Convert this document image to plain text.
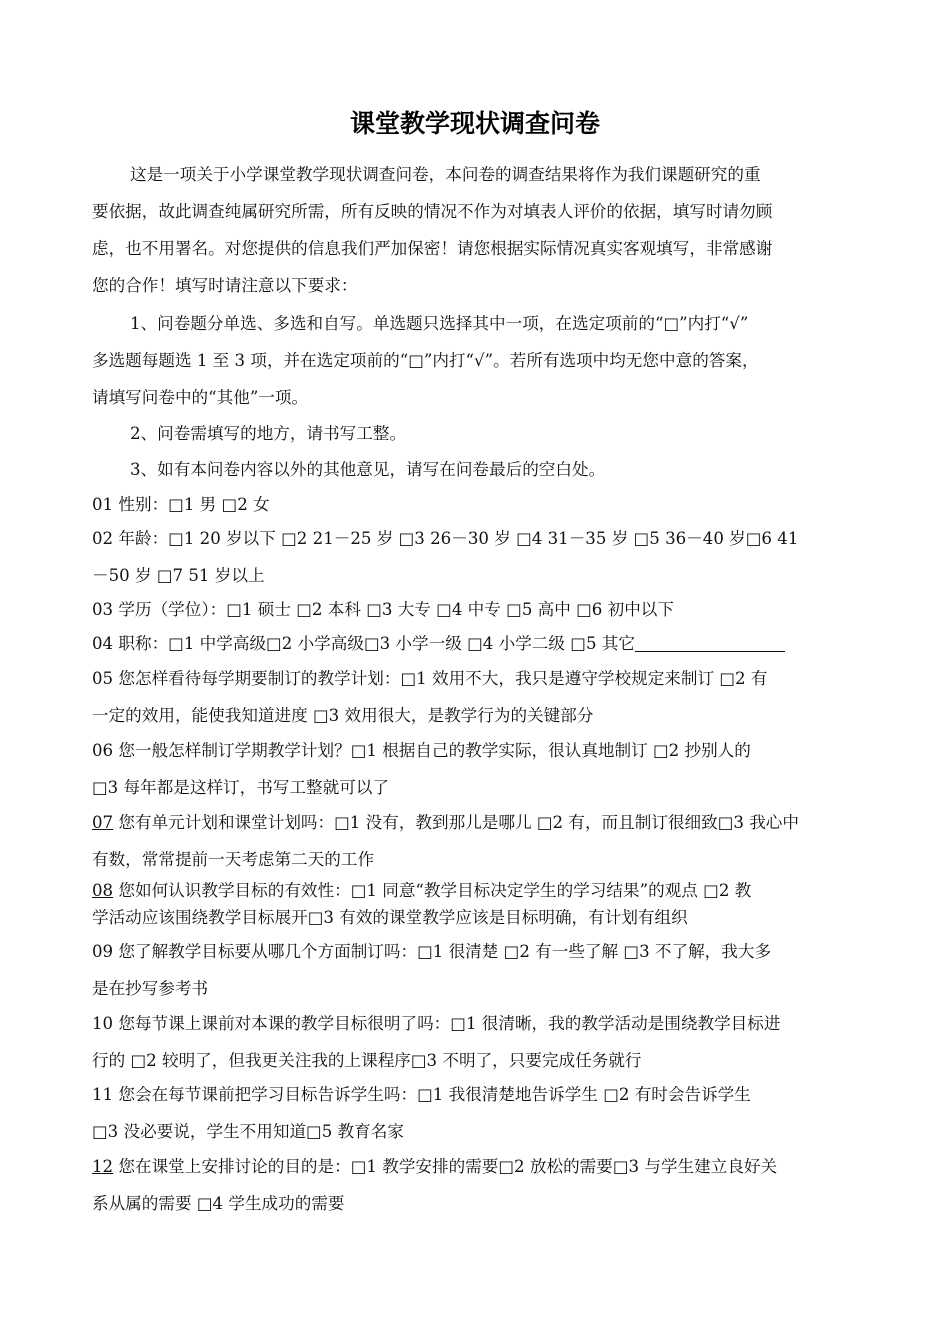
课堂教学现状调查问卷
这是一项关于小学课堂教学现状调查问卷，本问卷的调查结果将作为我们课题研究的重
要依据，故此调查纯属研究所需，所有反映的情况不作为对填表人评价的依据，填写时请勿顾
虑，也不用署名。对您提供的信息我们严加保密！请您根据实际情况真实客观填写，非常感谢
您的合作！填写时请注意以下要求：
1、问卷题分单选、多选和自写。单选题只选择其中一项，在选定项前的“□”内打“√”
多选题每题选 1 至 3 项，并在选定项前的“□”内打“√”。若所有选项中均无您中意的答案，
请填写问卷中的“其他”一项。
2、问卷需填写的地方，请书写工整。
3、如有本问卷内容以外的其他意见，请写在问卷最后的空白处。
01 性别：□1 男 □2 女
02 年龄：□1 20 岁以下 □2 21－25 岁 □3 26－30 岁 □4 31－35 岁 □5 36－40 岁□6 41
－50 岁 □7 51 岁以上
03 学历（学位）：□1 硕士 □2 本科 □3 大专 □4 中专 □5 高中 □6 初中以下
04 职称：□1 中学高级□2 小学高级□3 小学一级 □4 小学二级 □5 其它
05 您怎样看待每学期要制订的教学计划：□1 效用不大，我只是遵守学校规定来制订 □2 有
一定的效用，能使我知道进度 □3 效用很大，是教学行为的关键部分
06 您一般怎样制订学期教学计划？□1 根据自己的教学实际，很认真地制订 □2 抄别人的
□3 每年都是这样订，书写工整就可以了
07 您有单元计划和课堂计划吗：□1 没有，教到那儿是哪儿 □2 有，而且制订很细致□3 我心中
有数，常常提前一天考虑第二天的工作
08 您如何认识教学目标的有效性：□1 同意“教学目标决定学生的学习结果”的观点 □2 教
学活动应该围绕教学目标展开□3 有效的课堂教学应该是目标明确，有计划有组织
09 您了解教学目标要从哪几个方面制订吗：□1 很清楚 □2 有一些了解 □3 不了解，我大多
是在抄写参考书
10 您每节课上课前对本课的教学目标很明了吗：□1 很清晰，我的教学活动是围绕教学目标进
行的 □2 较明了，但我更关注我的上课程序□3 不明了，只要完成任务就行
11 您会在每节课前把学习目标告诉学生吗：□1 我很清楚地告诉学生 □2 有时会告诉学生
□3 没必要说，学生不用知道□5 教育名家
12 您在课堂上安排讨论的目的是：□1 教学安排的需要□2 放松的需要□3 与学生建立良好关
系从属的需要 □4 学生成功的需要
